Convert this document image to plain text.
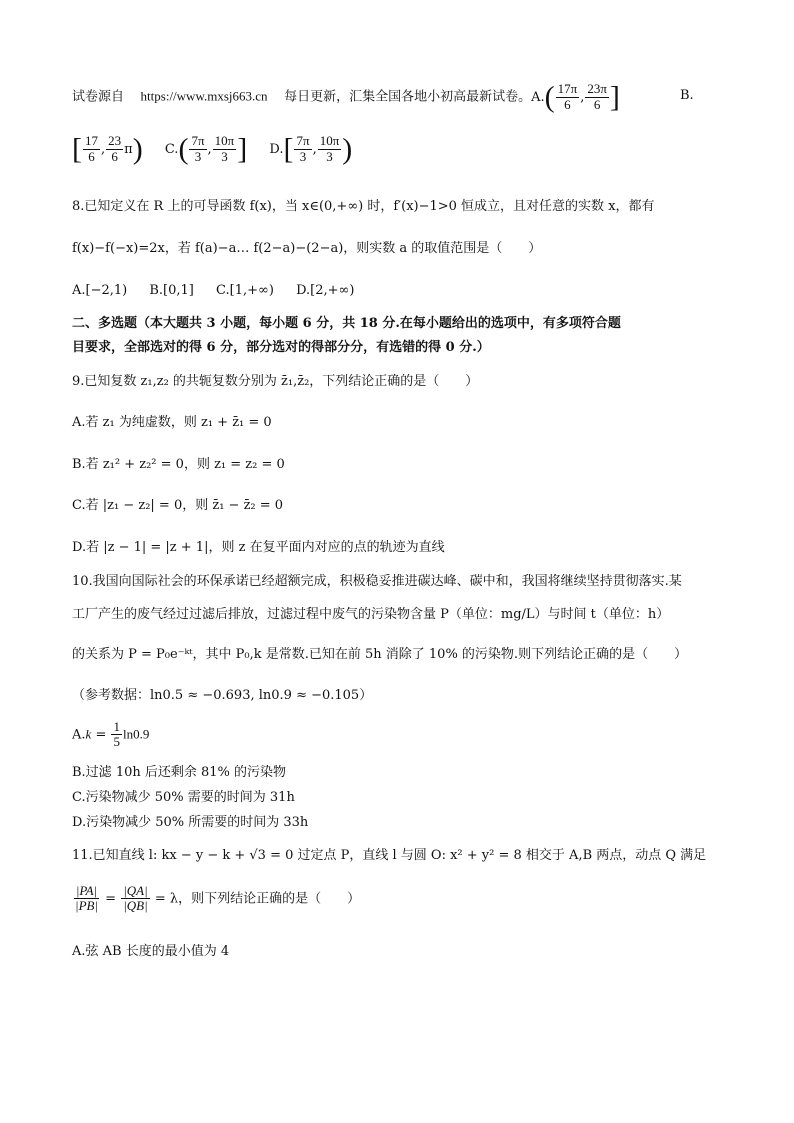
试卷源自 https://www.mxsj663.cn 每日更新，汇集全国各地小初高最新试卷。$A.( \frac{17\pi}{6}$ , $\frac{23\pi}{6}$ ]	B.
[ $\frac{17}{6}$ , $\frac{23}{6} \pi$) $C.( \frac{7\pi}{3}$ , $\frac{10\pi}{3}$ ] $D.[ \frac{7\pi}{3}$ , $\frac{10\pi}{3}$ )
8.已知定义在 R 上的可导函数 f(x)，当 x∈(0,+∞) 时，f′(x)−1>0 恒成立，且对任意的实数 x，都有
f(x)−f(−x)=2x，若 f(a)−a… f(2−a)−(2−a)，则实数 a 的取值范围是（　　）
A.[−2,1) B.[0,1] C.[1,+∞) D.[2,+∞)
二、多选题（本大题共 3 小题，每小题 6 分，共 18 分.在每小题给出的选项中，有多项符合题
目要求，全部选对的得 6 分，部分选对的得部分分，有选错的得 0 分.）
9.已知复数 z₁,z₂ 的共轭复数分别为 z̄₁,z̄₂，下列结论正确的是（　　）
A.若 z₁ 为纯虚数，则 z₁ + z̄₁ = 0
B.若 z₁² + z₂² = 0，则 z₁ = z₂ = 0
C.若 |z₁ − z₂| = 0，则 z̄₁ − z̄₂ = 0
D.若 |z − 1| = |z + 1|，则 z 在复平面内对应的点的轨迹为直线
10.我国向国际社会的环保承诺已经超额完成，积极稳妥推进碳达峰、碳中和，我国将继续坚持贯彻落实.某
工厂产生的废气经过过滤后排放，过滤过程中废气的污染物含量 P（单位：mg/L）与时间 t（单位：h）
的关系为 P = P₀e⁻ᵏᵗ，其中 P₀,k 是常数.已知在前 5h 消除了 10% 的污染物.则下列结论正确的是（　　）
（参考数据：ln0.5 ≈ −0.693, ln0.9 ≈ −0.105）
$A.k = \frac{1}{5} \ln 0.9$
B.过滤 10h 后还剩余 81% 的污染物
C.污染物减少 50% 需要的时间为 31h
D.污染物减少 50% 所需要的时间为 33h
11.已知直线 l: kx − y − k + √3 = 0 过定点 P，直线 l 与圆 O: x² + y² = 8 相交于 A,B 两点，动点 Q 满足
$\frac{|PA|}{|PB|} = \frac{|QA|}{|QB|} = \lambda$，则下列结论正确的是（　　）
A.弦 AB 长度的最小值为 4
